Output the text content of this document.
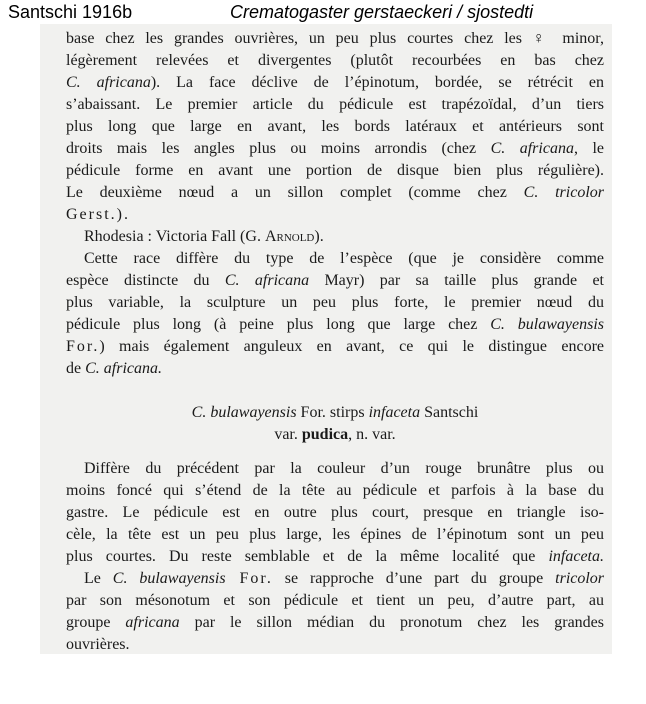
Santschi 1916b	Crematogaster gerstaeckeri / sjostedti
base chez les grandes ouvrières, un peu plus courtes chez les ♀ minor,
légèrement relevées et divergentes (plutôt recourbées en bas chez
C. africana). La face déclive de l’épinotum, bordée, se rétrécit en
s’abaissant. Le premier article du pédicule est trapézoïdal, d’un tiers
plus long que large en avant, les bords latéraux et antérieurs sont
droits mais les angles plus ou moins arrondis (chez C. africana, le
pédicule forme en avant une portion de disque bien plus régulière).
Le deuxième nœud a un sillon complet (comme chez C. tricolor
Gerst.).
Rhodesia : Victoria Fall (G. Arnold).
Cette race diffère du type de l’espèce (que je considère comme
espèce distincte du C. africana Mayr) par sa taille plus grande et
plus variable, la sculpture un peu plus forte, le premier nœud du
pédicule plus long (à peine plus long que large chez C. bulawayensis
For.) mais également anguleux en avant, ce qui le distingue encore
de C. africana.
C. bulawayensis For. stirps infaceta Santschi
var. pudica, n. var.
Diffère du précédent par la couleur d’un rouge brunâtre plus ou
moins foncé qui s’étend de la tête au pédicule et parfois à la base du
gastre. Le pédicule est en outre plus court, presque en triangle iso-
cèle, la tête est un peu plus large, les épines de l’épinotum sont un peu
plus courtes. Du reste semblable et de la même localité que infaceta.
Le C. bulawayensis For. se rapproche d’une part du groupe tricolor
par son mésonotum et son pédicule et tient un peu, d’autre part, au
groupe africana par le sillon médian du pronotum chez les grandes
ouvrières.
